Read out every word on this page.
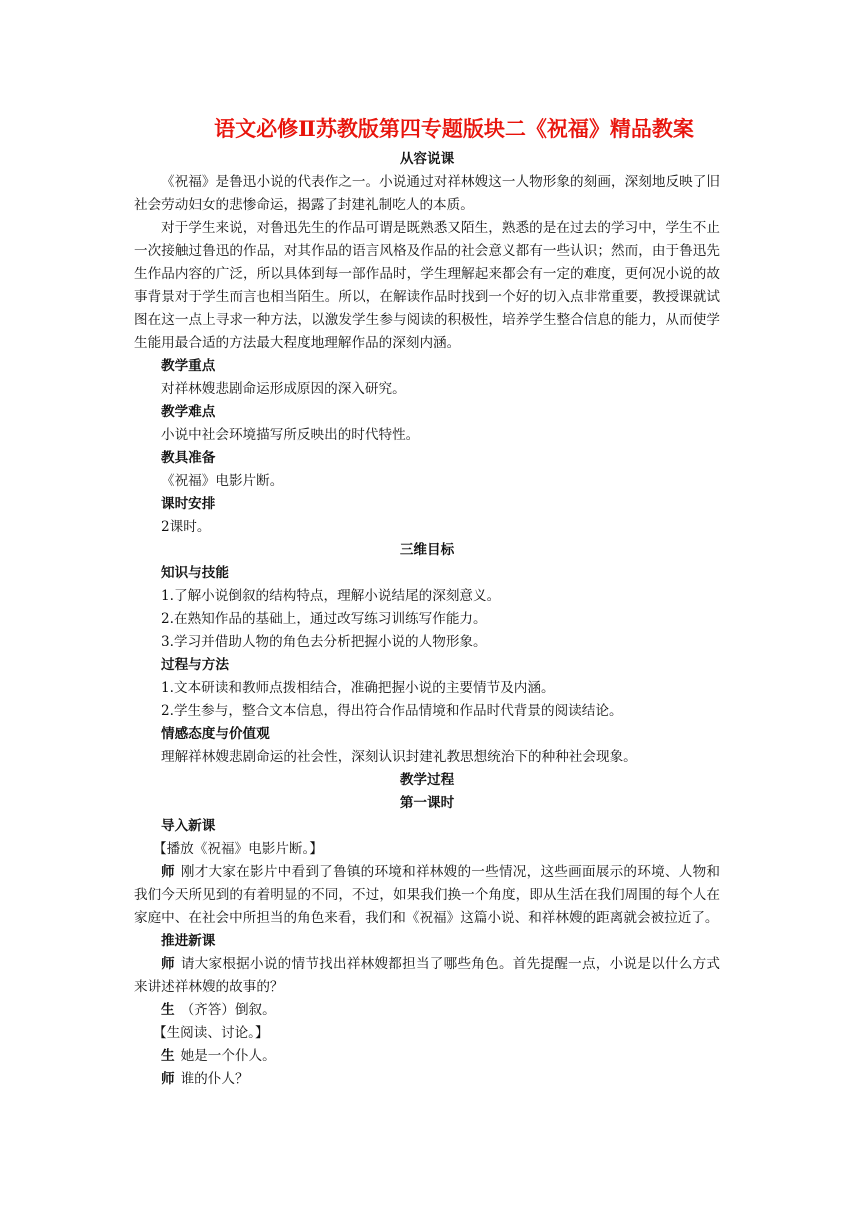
语文必修Ⅱ苏教版第四专题版块二《祝福》精品教案
从容说课

《祝福》是鲁迅小说的代表作之一。小说通过对祥林嫂这一人物形象的刻画，深刻地反映了旧社会劳动妇女的悲惨命运，揭露了封建礼制吃人的本质。

对于学生来说，对鲁迅先生的作品可谓是既熟悉又陌生，熟悉的是在过去的学习中，学生不止一次接触过鲁迅的作品，对其作品的语言风格及作品的社会意义都有一些认识；然而，由于鲁迅先生作品内容的广泛，所以具体到每一部作品时，学生理解起来都会有一定的难度，更何况小说的故事背景对于学生而言也相当陌生。所以，在解读作品时找到一个好的切入点非常重要，教授课就试图在这一点上寻求一种方法，以激发学生参与阅读的积极性，培养学生整合信息的能力，从而使学生能用最合适的方法最大程度地理解作品的深刻内涵。

教学重点
对祥林嫂悲剧命运形成原因的深入研究。
教学难点
小说中社会环境描写所反映出的时代特性。
教具准备
《祝福》电影片断。
课时安排
2课时。
三维目标
知识与技能
1.了解小说倒叙的结构特点，理解小说结尾的深刻意义。
2.在熟知作品的基础上，通过改写练习训练写作能力。
3.学习并借助人物的角色去分析把握小说的人物形象。
过程与方法
1.文本研读和教师点拨相结合，准确把握小说的主要情节及内涵。
2.学生参与，整合文本信息，得出符合作品情境和作品时代背景的阅读结论。
情感态度与价值观
理解祥林嫂悲剧命运的社会性，深刻认识封建礼教思想统治下的种种社会现象。
教学过程
第一课时
导入新课
【播放《祝福》电影片断。】

师 刚才大家在影片中看到了鲁镇的环境和祥林嫂的一些情况，这些画面展示的环境、人物和我们今天所见到的有着明显的不同，不过，如果我们换一个角度，即从生活在我们周围的每个人在家庭中、在社会中所担当的角色来看，我们和《祝福》这篇小说、和祥林嫂的距离就会被拉近了。

推进新课

师 请大家根据小说的情节找出祥林嫂都担当了哪些角色。首先提醒一点，小说是以什么方式来讲述祥林嫂的故事的？

生 （齐答）倒叙。

【生阅读、讨论。】

生 她是一个仆人。

师 谁的仆人？
